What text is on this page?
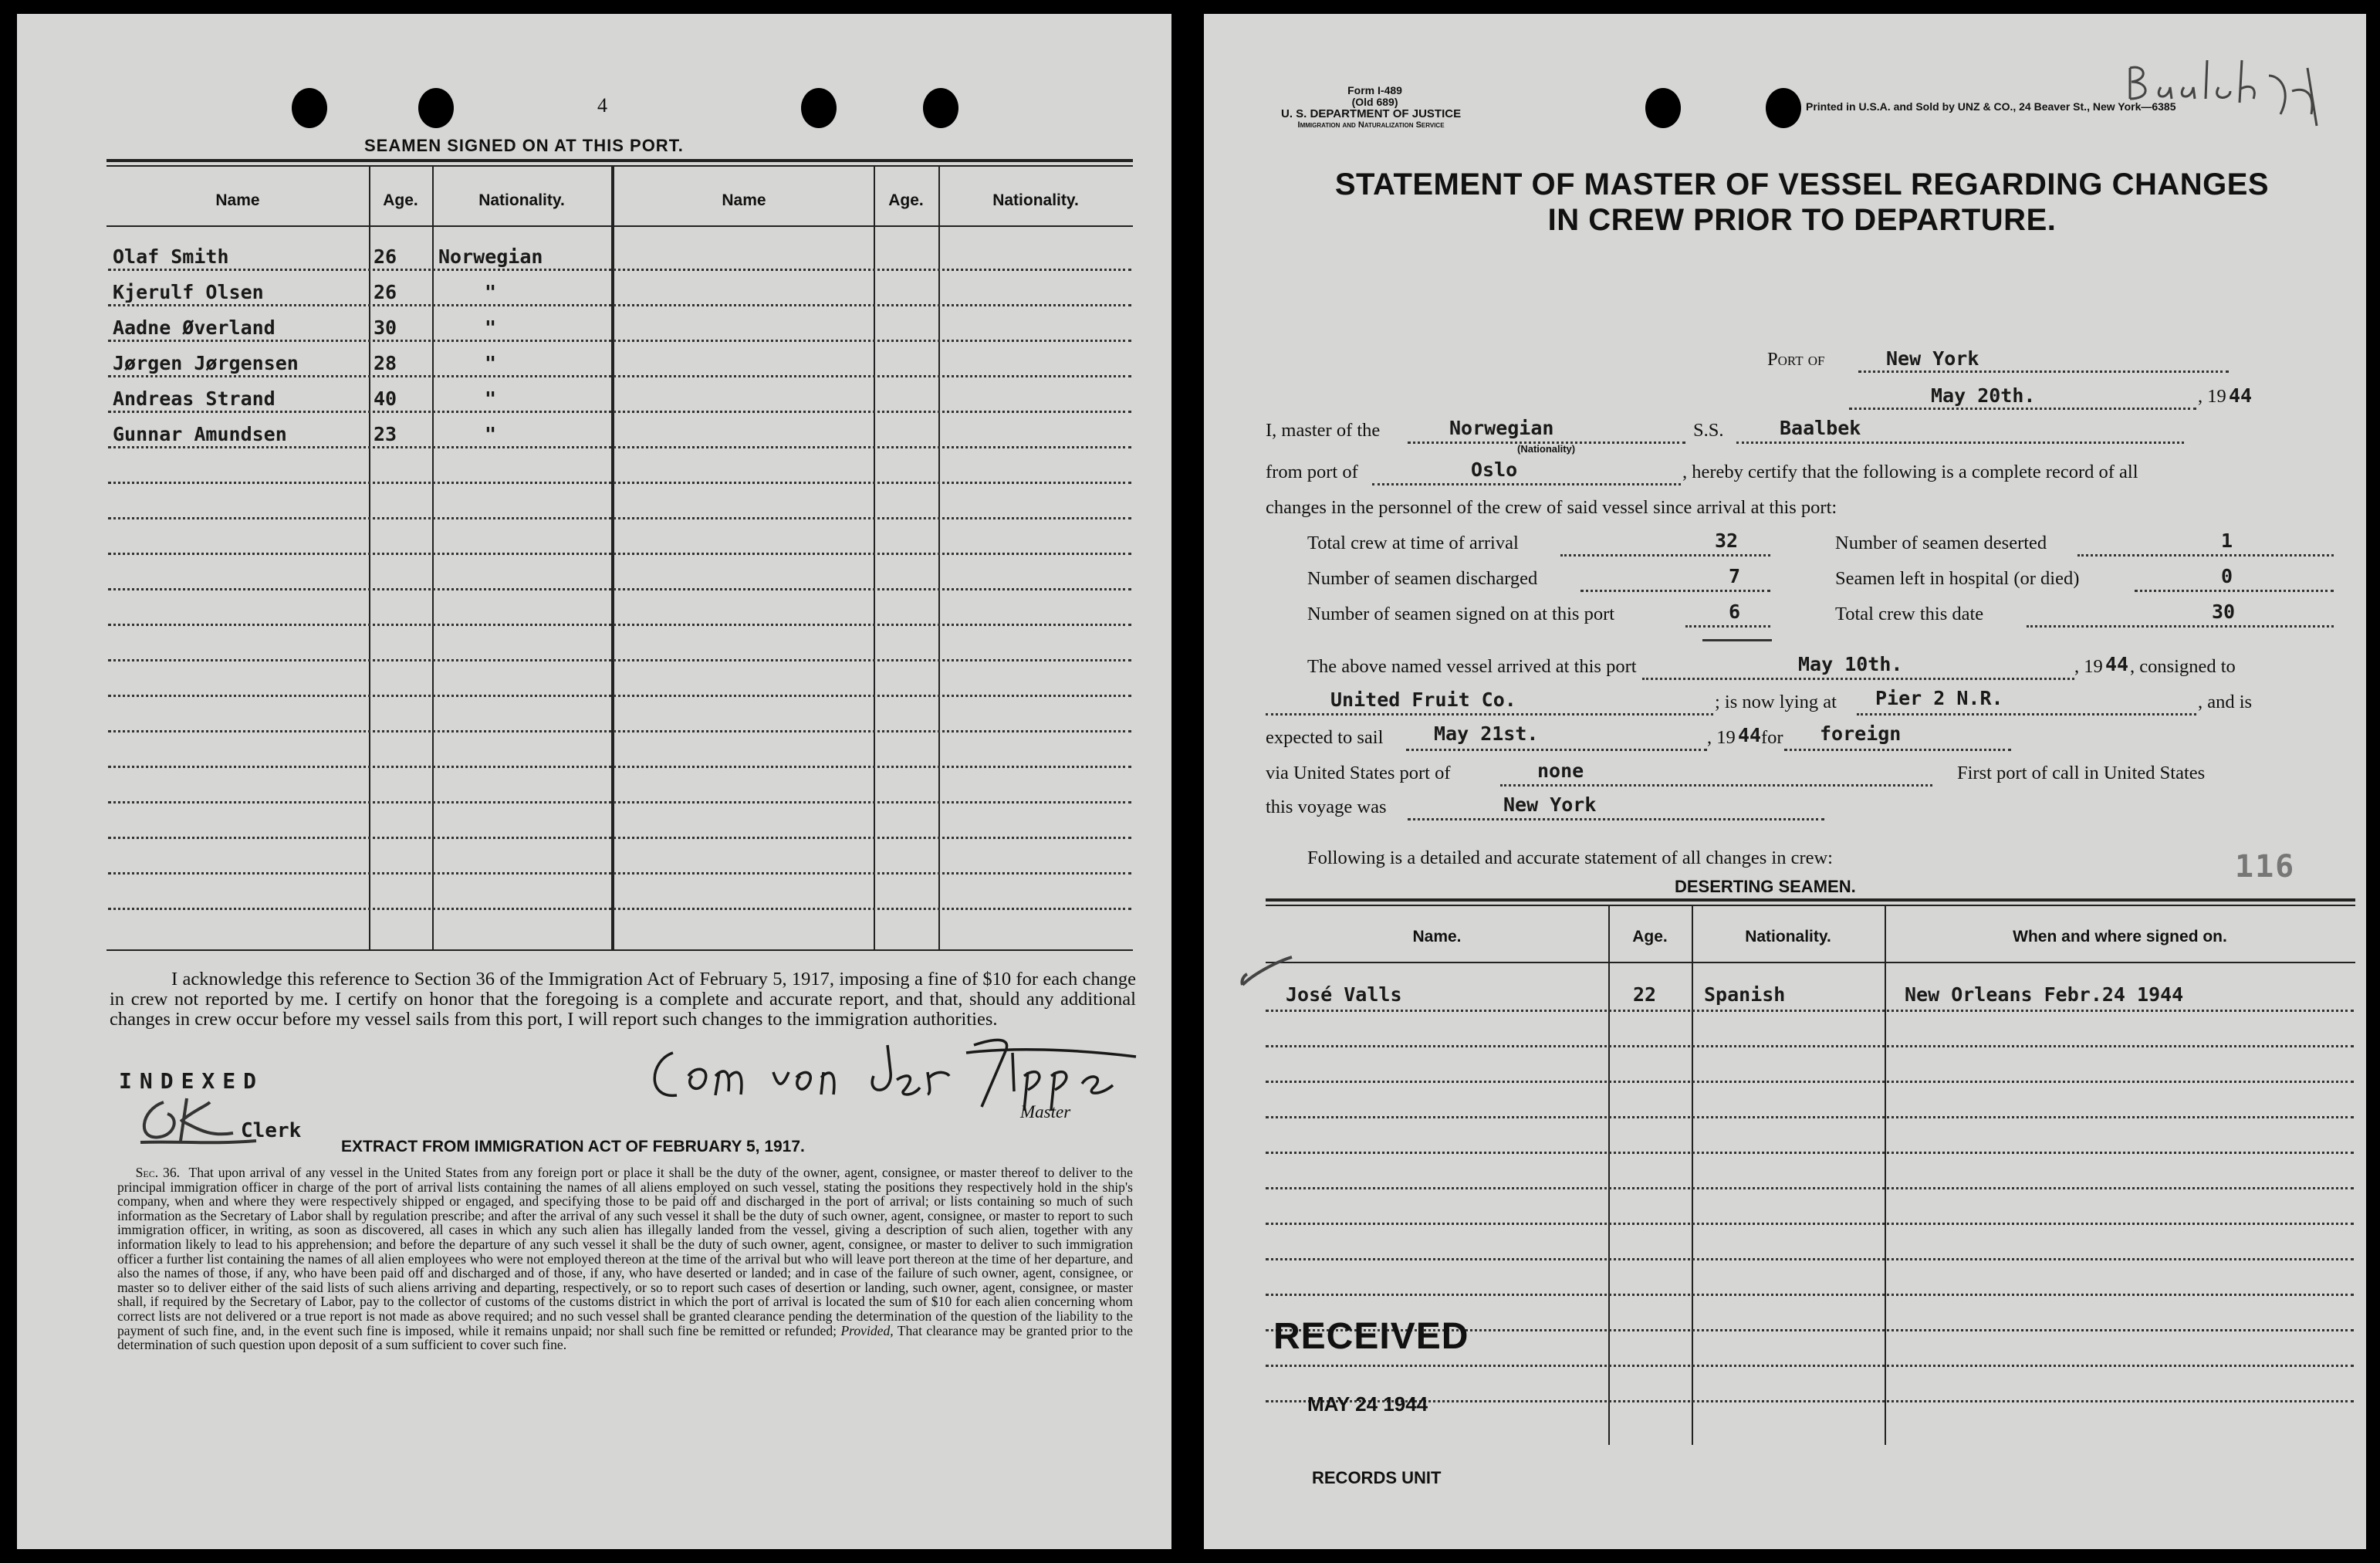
4
SEAMEN SIGNED ON AT THIS PORT.
Name	Age.	Nationality.	Name	Age.	Nationality.
Olaf Smith	26 Norwegian
Kjerulf Olsen	26	"
Aadne Øverland	30	"
Jørgen Jørgensen	28	"
Andreas Strand	40	"
Gunnar Amundsen	23	"
I acknowledge this reference to Section 36 of the Immigration Act of February 5, 1917, imposing a fine of $10 for each change in crew not reported by me. I certify on honor that the foregoing is a complete and accurate report, and that, should any additional changes in crew occur before my vessel sails from this port, I will report such changes to the immigration authorities.
INDEXED
Clerk
Master
EXTRACT FROM IMMIGRATION ACT OF FEBRUARY 5, 1917.
Sec. 36. That upon arrival of any vessel in the United States from any foreign port or place it shall be the duty of the owner, agent, consignee, or master thereof to deliver to the principal immigration officer in charge of the port of arrival lists containing the names of all aliens employed on such vessel, stating the positions they respectively hold in the ship's company, when and where they were respectively shipped or engaged, and specifying those to be paid off and discharged in the port of arrival; or lists containing so much of such information as the Secretary of Labor shall by regulation prescribe; and after the arrival of any such vessel it shall be the duty of such owner, agent, consignee, or master to report to such immigration officer, in writing, as soon as discovered, all cases in which any such alien has illegally landed from the vessel, giving a description of such alien, together with any information likely to lead to his apprehension; and before the departure of any such vessel it shall be the duty of such owner, agent, consignee, or master to deliver to such immigration officer a further list containing the names of all alien employees who were not employed thereon at the time of the arrival but who will leave port thereon at the time of her departure, and also the names of those, if any, who have been paid off and discharged and of those, if any, who have deserted or landed; and in case of the failure of such owner, agent, consignee, or master so to deliver either of the said lists of such aliens arriving and departing, respectively, or so to report such cases of desertion or landing, such owner, agent, consignee, or master shall, if required by the Secretary of Labor, pay to the collector of customs of the customs district in which the port of arrival is located the sum of $10 for each alien concerning whom correct lists are not delivered or a true report is not made as above required; and no such vessel shall be granted clearance pending the determination of the question of the liability to the payment of such fine, and, in the event such fine is imposed, while it remains unpaid; nor shall such fine be remitted or refunded; Provided, That clearance may be granted prior to the determination of such question upon deposit of a sum sufficient to cover such fine.
Form I-489
(Old 689)
U. S. DEPARTMENT OF JUSTICE
Immigration and Naturalization Service
Printed in U.S.A. and Sold by UNZ & CO., 24 Beaver St., New York—6385
STATEMENT OF MASTER OF VESSEL REGARDING CHANGES
IN CREW PRIOR TO DEPARTURE.
Port of	New York
May 20th.	, 19 44
I, master of the	Norwegian
(Nationality)
S.S.	Baalbek
from port of	Oslo	, hereby certify that the following is a complete record of all
changes in the personnel of the crew of said vessel since arrival at this port:
Total crew at time of arrival	32
Number of seamen discharged	7
Number of seamen signed on at this port	6
Number of seamen deserted	1
Seamen left in hospital (or died)	0
Total crew this date	30
The above named vessel arrived at this port	May 10th.	, 19 44 , consigned to
United Fruit Co.	; is now lying at Pier 2 N.R.	, and is
expected to sail	May 21st.	, 19 44 for foreign
via United States port of	none	First port of call in United States
this voyage was	New York
Following is a detailed and accurate statement of all changes in crew:	116
DESERTING SEAMEN.
Name.	Age.	Nationality.	When and where signed on.
José Valls	22 Spanish	New Orleans Febr.24 1944
RECEIVED
MAY 24 1944
RECORDS UNIT
